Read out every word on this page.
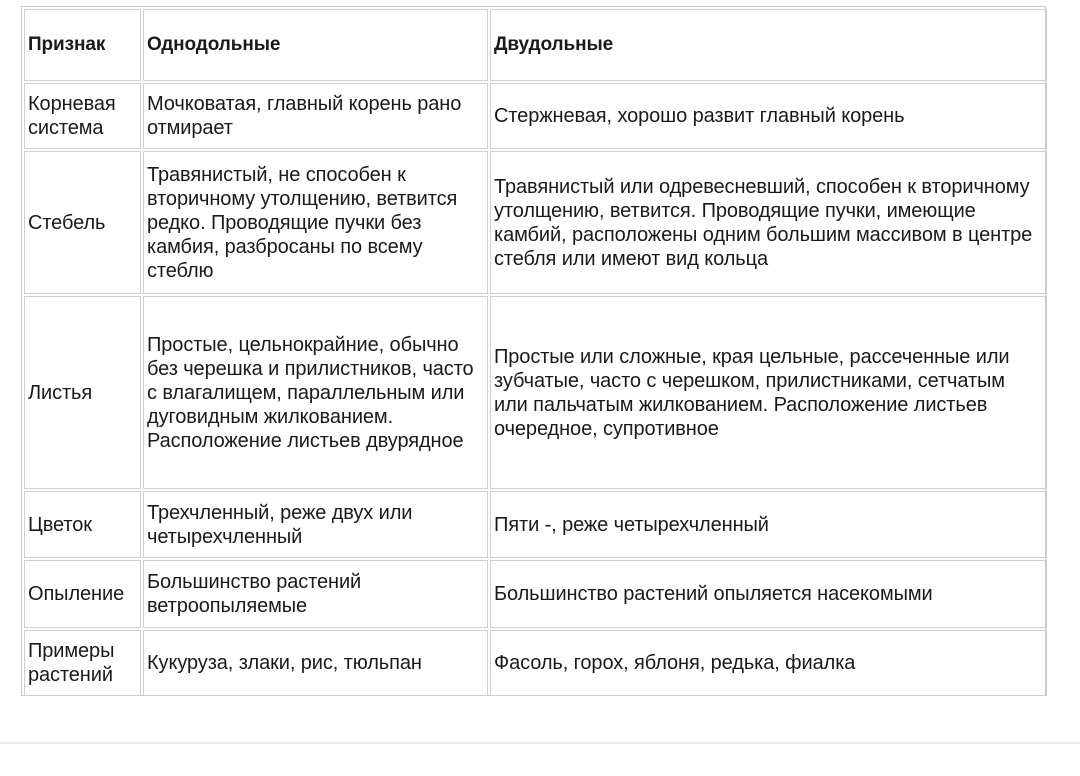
Признак	Однодольные	Двудольные
Корневая система	Мочковатая, главный корень рано отмирает	Стержневая, хорошо развит главный корень
Стебель	Травянистый, не способен к вторичному утолщению, ветвится редко. Проводящие пучки без камбия, разбросаны по всему стеблю	Травянистый или одревесневший, способен к вторичному утолщению, ветвится. Проводящие пучки, имеющие камбий, расположены одним большим массивом в центре стебля или имеют вид кольца
Листья	Простые, цельнокрайние, обычно без черешка и прилистников, часто с влагалищем, параллельным или дуговидным жилкованием. Расположение листьев двурядное	Простые или сложные, края цельные, рассеченные или зубчатые, часто с черешком, прилистниками, сетчатым или пальчатым жилкованием. Расположение листьев очередное, супротивное
Цветок	Трехчленный, реже двух или четырехчленный	Пяти -, реже четырехчленный
Опыление	Большинство растений ветроопыляемые	Большинство растений опыляется насекомыми
Примеры растений	Кукуруза, злаки, рис, тюльпан	Фасоль, горох, яблоня, редька, фиалка
